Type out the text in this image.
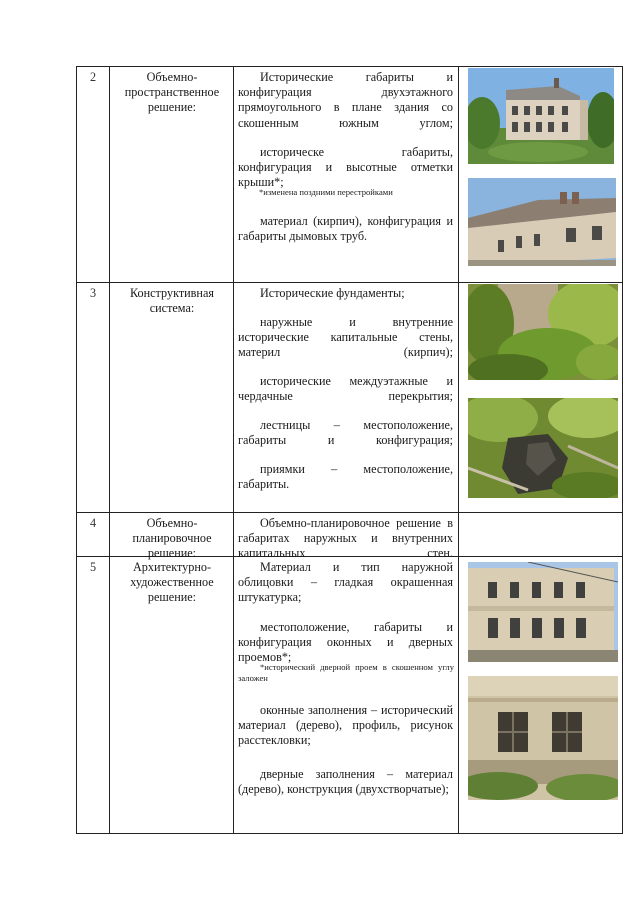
2	Объемно-пространственное решение:
Исторические габариты и конфигурация двухэтажного прямоугольного в плане здания со скошенным южным углом;
историческе габариты, конфигурация и высотные отметки крыши*;
*изменена поздними перестройками
материал (кирпич), конфигурация и габариты дымовых труб.
3	Конструктивная система:
Исторические фундаменты;
наружные и внутренние исторические капитальные стены, материл (кирпич);
исторические междуэтажные и чердачные перекрытия;
лестницы – местоположение, габариты и конфигурация;
приямки – местоположение, габариты.
4	Объемно-планировочное решение:
Объемно-планировочное решение в габаритах наружных и внутренних капитальных стен.
5	Архитектурно-художественное решение:
Материал и тип наружной облицовки – гладкая окрашенная штукатурка;
местоположение, габариты и конфигурация оконных и дверных проемов*;
*исторический дверной проем в скошенном углу заложен
оконные заполнения – исторический материал (дерево), профиль, рисунок расстекловки;
дверные заполнения – материал (дерево), конструкция (двухстворчатые);
